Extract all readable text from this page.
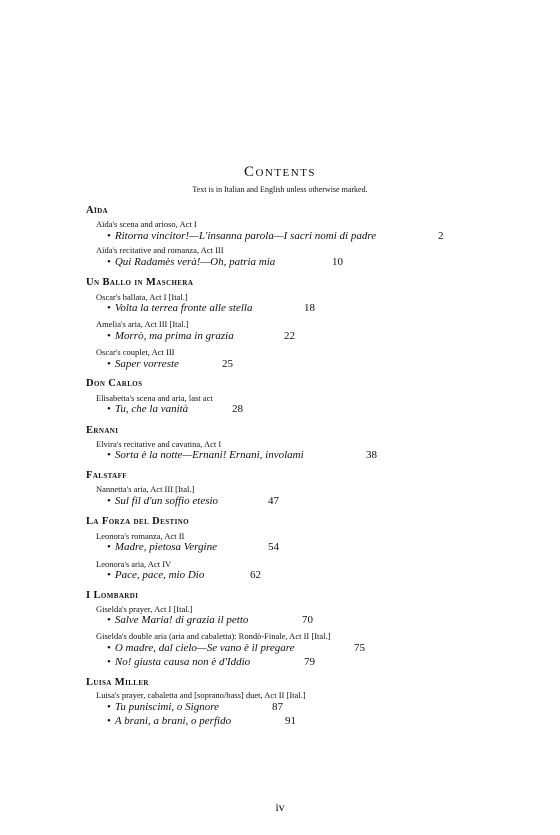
Contents
Text is in Italian and English unless otherwise marked.
Aïda
Aïda's scena and arioso, Act I
• Ritorna vincitor!—L'insanna parola—I sacri nomi di padre	2
Aïda's recitative and romanza, Act III
• Qui Radamès verà!—Oh, patria mia	10
Un Ballo in Maschera
Oscar's ballata, Act I [Ital.]
• Volta la terrea fronte alle stella	18
Amelia's aria, Act III [Ital.]
• Morrò, ma prima in grazia	22
Oscar's couplet, Act III
• Saper vorreste	25
Don Carlos
Elisabetta's scena and aria, last act
• Tu, che la vanità	28
Ernani
Elvira's recitative and cavatina, Act I
• Sorta è la notte—Ernani! Ernani, involami	38
Falstaff
Nannetta's aria, Act III [Ital.]
• Sul fil d'un soffio etesio	47
La Forza del Destino
Leonora's romanza, Act II
• Madre, pietosa Vergine	54
Leonora's aria, Act IV
• Pace, pace, mio Dio	62
I Lombardi
Giselda's prayer, Act I [Ital.]
• Salve Maria! di grazia il petto	70
Giselda's double aria (aria and cabaletta): Rondò-Finale, Act II [Ital.]
• O madre, dal cielo—Se vano è il pregare	75
• No! giusta causa non è d'Iddio	79
Luisa Miller
Luisa's prayer, cabaletta and [soprano/bass] duet, Act II [Ital.]
• Tu puniscimi, o Signore	87
• A brani, a brani, o perfido	91
iv
